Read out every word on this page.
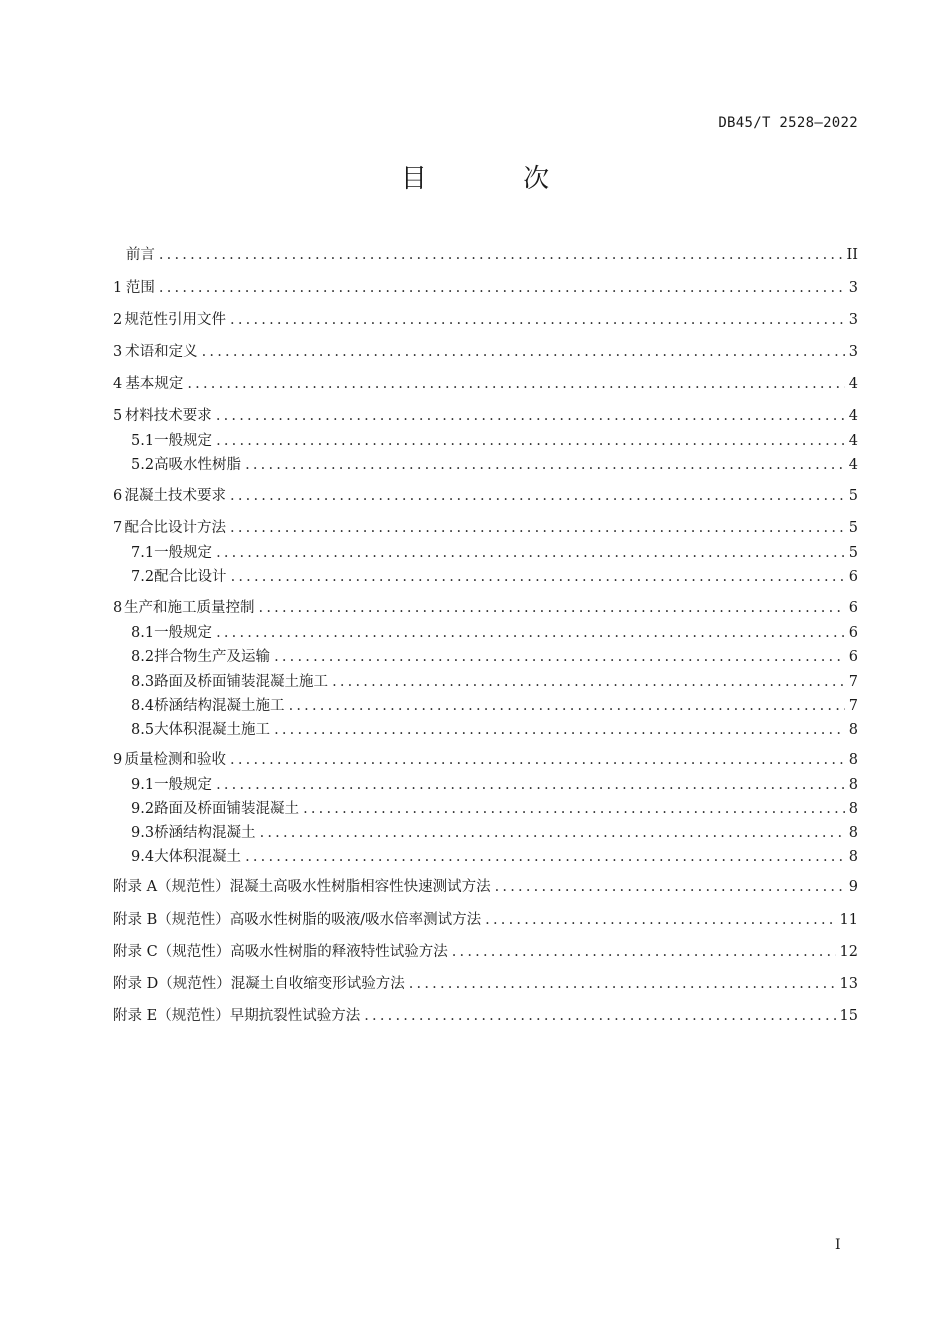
DB45/T 2528—2022
目 次
前言 .....	II
1 范围 .....	3
2 规范性引用文件 .....	3
3 术语和定义 .....	3
4 基本规定 .....	4
5 材料技术要求 .....	4
5.1 一般规定 .....	4
5.2 高吸水性树脂 .....	4
6 混凝土技术要求 .....	5
7 配合比设计方法 .....	5
7.1 一般规定 .....	5
7.2 配合比设计 .....	6
8 生产和施工质量控制 .....	6
8.1 一般规定 .....	6
8.2 拌合物生产及运输 .....	6
8.3 路面及桥面铺装混凝土施工 .....	7
8.4 桥涵结构混凝土施工 .....	7
8.5 大体积混凝土施工 .....	8
9 质量检测和验收 .....	8
9.1 一般规定 .....	8
9.2 路面及桥面铺装混凝土 .....	8
9.3 桥涵结构混凝土 .....	8
9.4 大体积混凝土 .....	8
附录 A（规范性） 混凝土高吸水性树脂相容性快速测试方法 .....	9
附录 B（规范性） 高吸水性树脂的吸液/吸水倍率测试方法 .....	11
附录 C（规范性） 高吸水性树脂的释液特性试验方法 .....	12
附录 D（规范性） 混凝土自收缩变形试验方法 .....	13
附录 E（规范性） 早期抗裂性试验方法 .....	15
I
